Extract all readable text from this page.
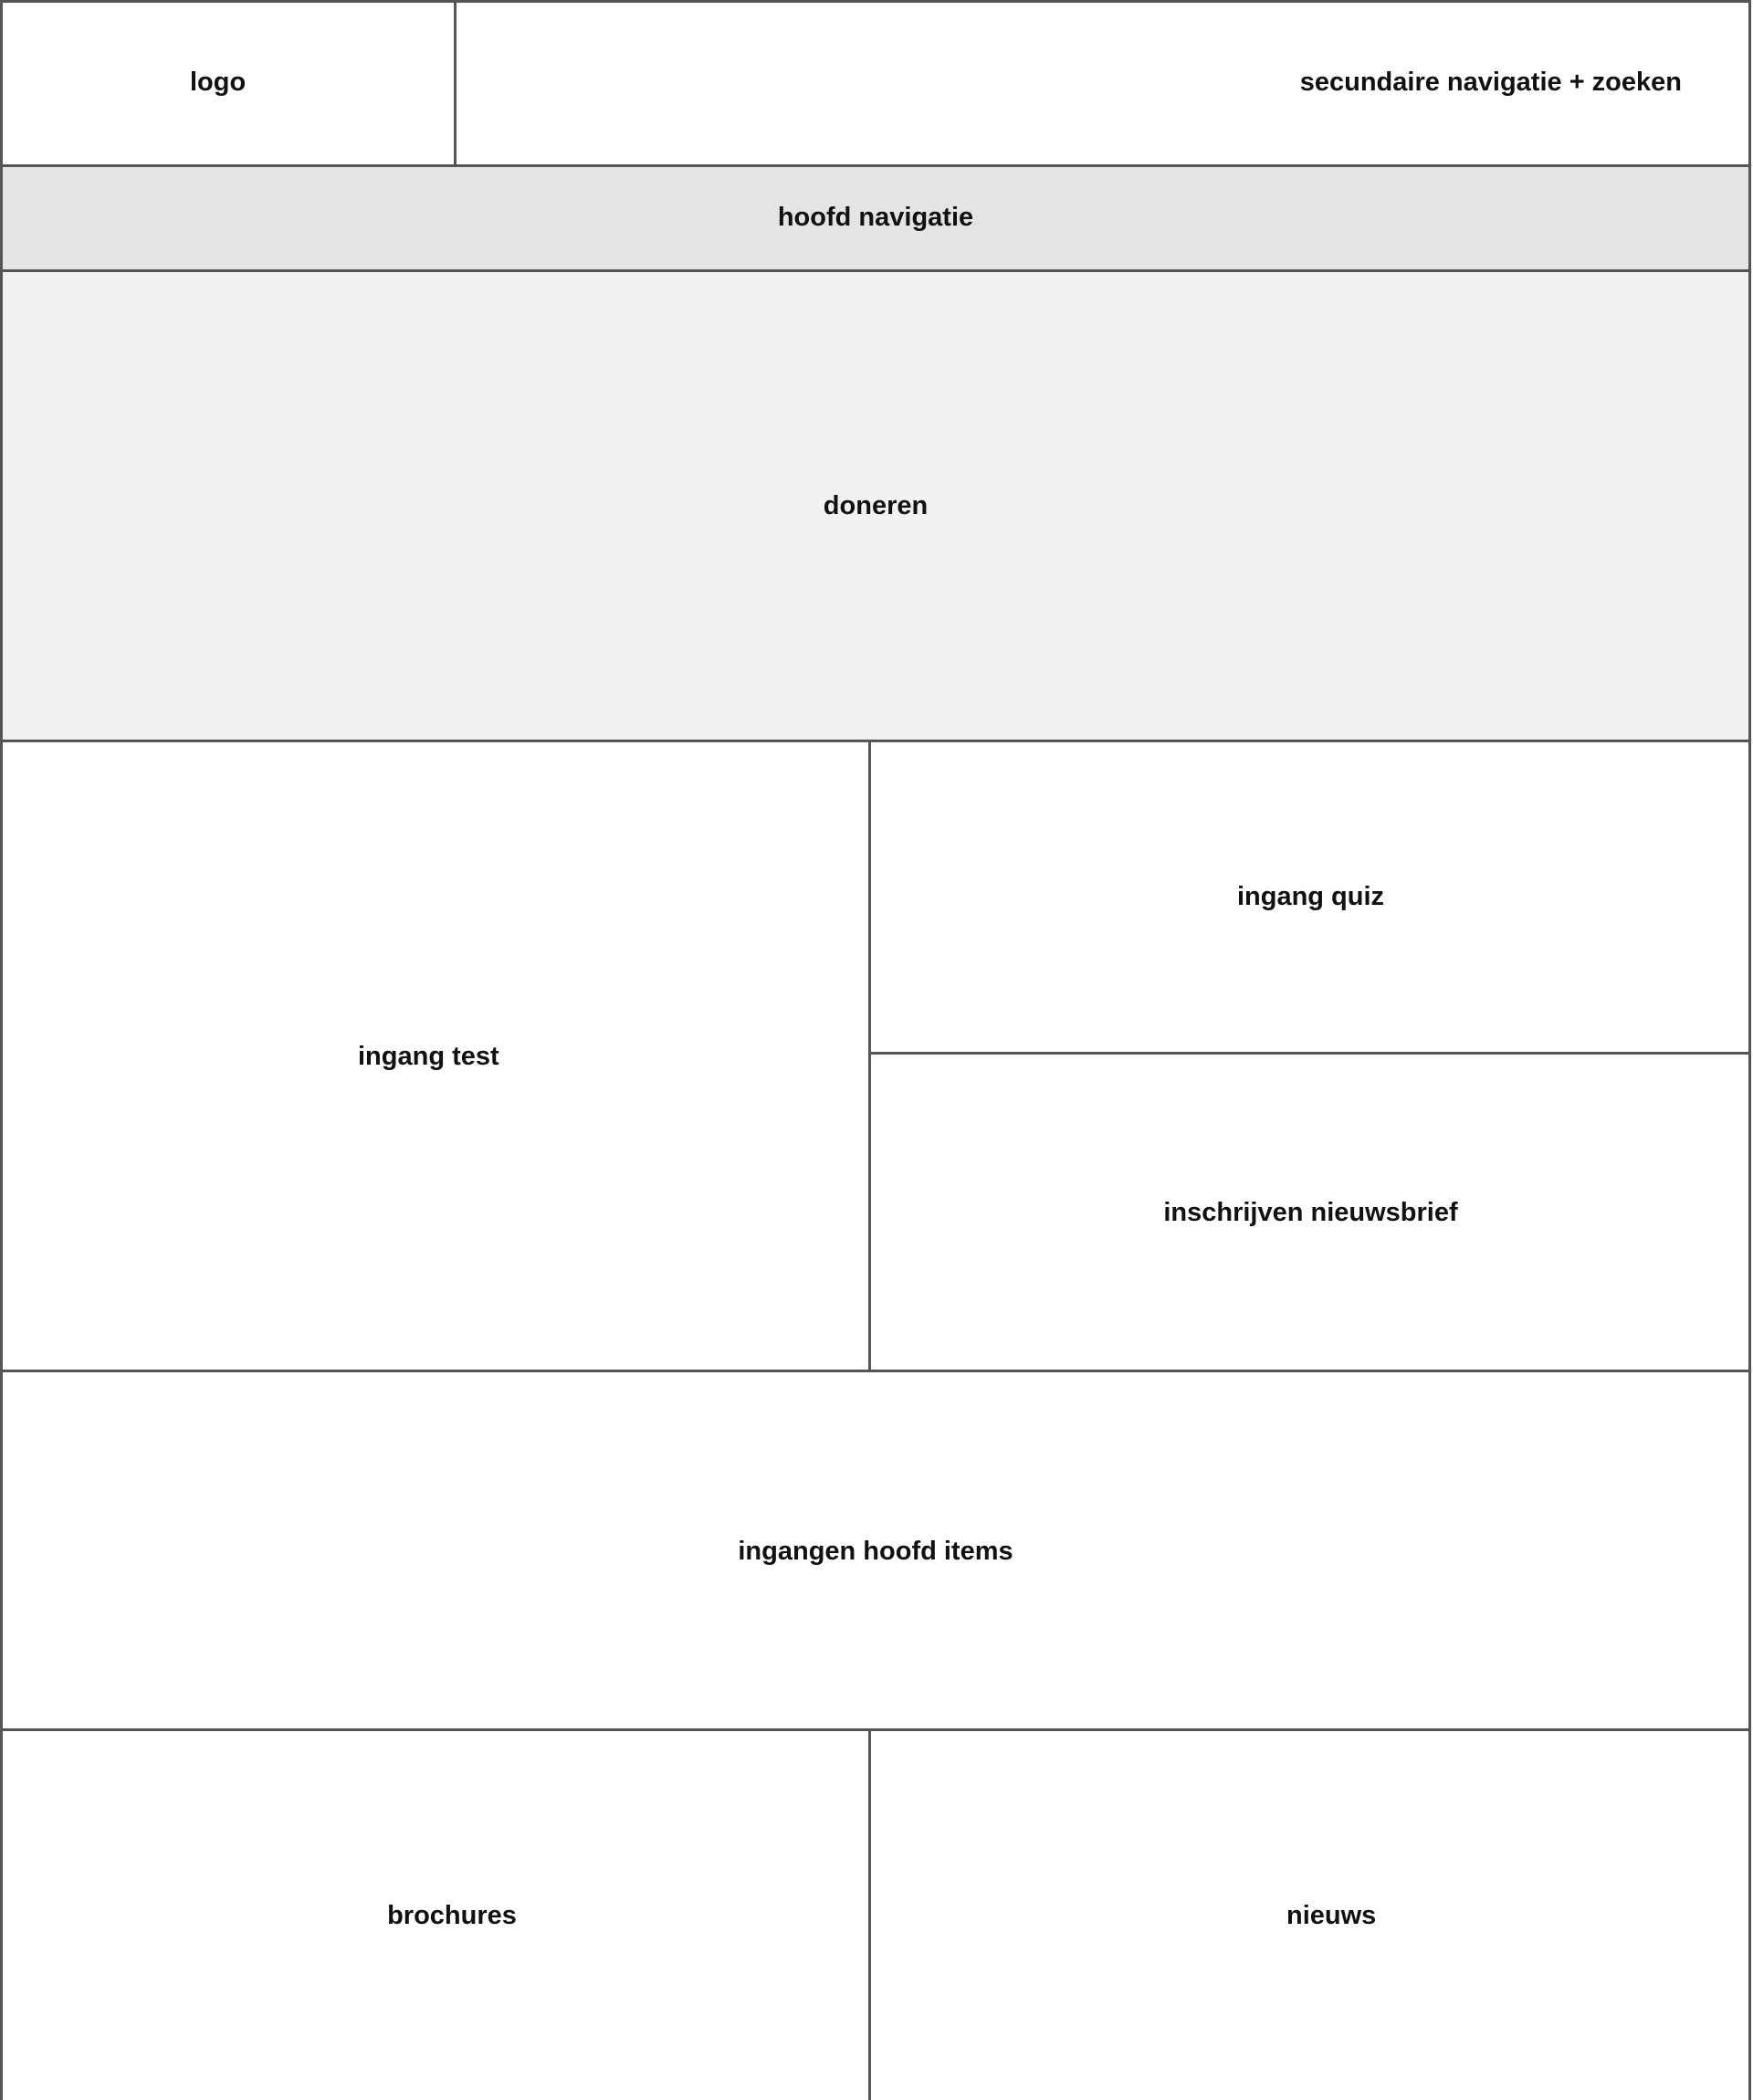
logo	secundaire navigatie + zoeken
hoofd navigatie
doneren
ingang test
ingang quiz
inschrijven nieuwsbrief
ingangen hoofd items
brochures	nieuws
